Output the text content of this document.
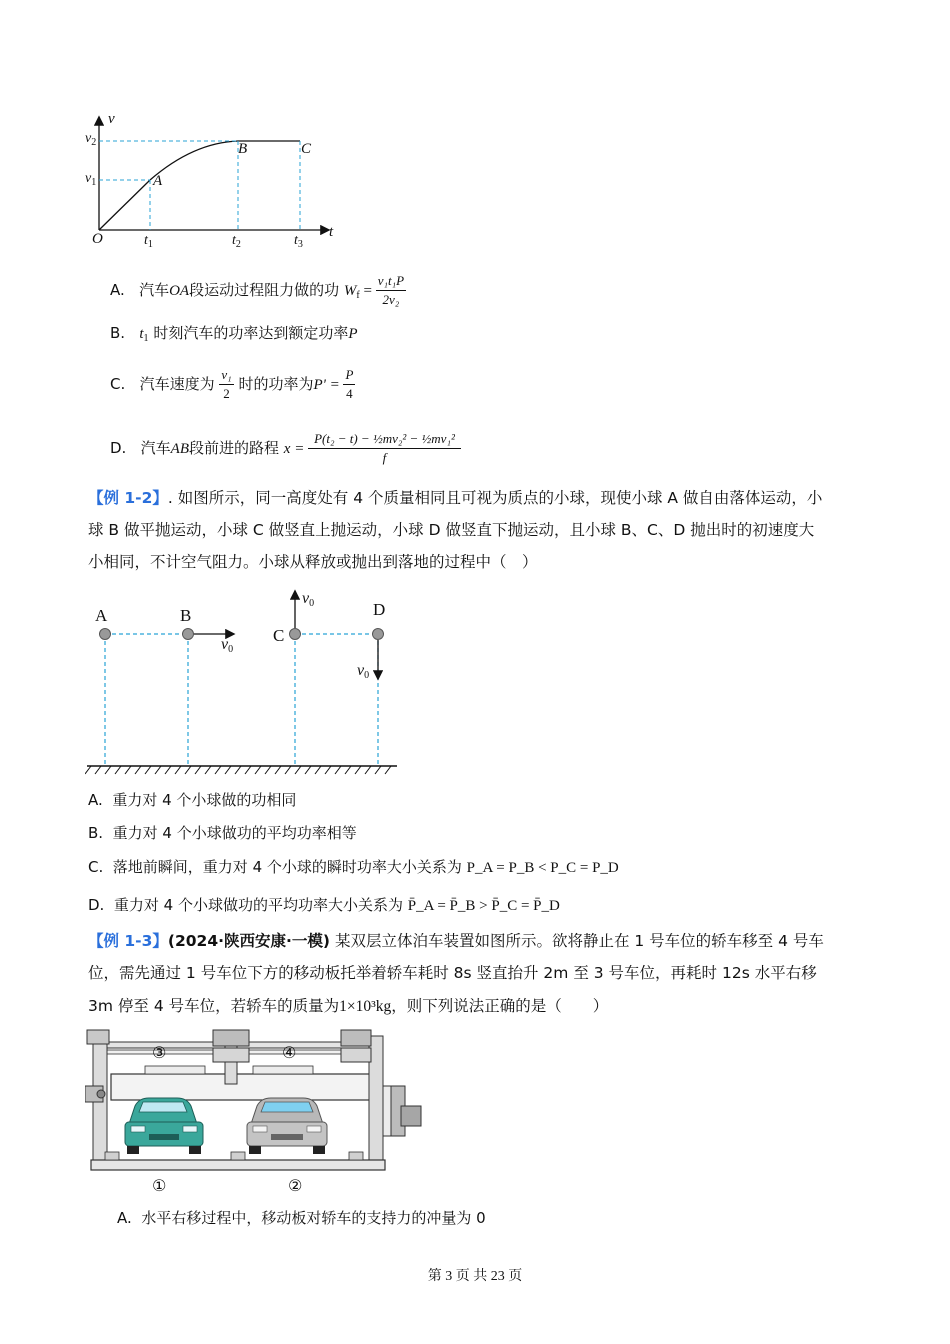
v
t
O
$v_2$
$v_1$
$t_1$	$t_2$	$t_3$
A
B	C
A. 汽车OA段运动过程阻力做的功 $W_f = \frac{\text{v₁t₁P}}{\text{2v₂}}$
B. $t_1$ 时刻汽车的功率达到额定功率P
C. 汽车速度为 $\frac{\text{v₁}}{2}$ 时的功率为$P' = \frac{P}{4}$
D. 汽车AB段前进的路程 $x = \frac{\text{P(t₂ − t) − ½mv₂² − ½mv₁²}}{f}$
【例 1-2】. 如图所示，同一高度处有 4 个质量相同且可视为质点的小球，现使小球 A 做自由落体运动，小
球 B 做平抛运动，小球 C 做竖直上抛运动，小球 D 做竖直下抛运动，且小球 B、C、D 抛出时的初速度大
小相同，不计空气阻力。小球从释放或抛出到落地的过程中（　）
A	B
C
D
$v_0$
$v_0$
$v_0$
A. 重力对 4 个小球做的功相同
B. 重力对 4 个小球做功的平均功率相等
C. 落地前瞬间，重力对 4 个小球的瞬时功率大小关系为 P_A = P_B < P_C = P_D
D. 重力对 4 个小球做功的平均功率大小关系为 P̄_A = P̄_B > P̄_C = P̄_D
【例 1-3】(2024·陕西安康·一模) 某双层立体泊车装置如图所示。欲将静止在 1 号车位的轿车移至 4 号车
位，需先通过 1 号车位下方的移动板托举着轿车耗时 8s 竖直抬升 2m 至 3 号车位，再耗时 12s 水平右移
3m 停至 4 号车位，若轿车的质量为1×10³kg，则下列说法正确的是（　　）
③	④
①	②
A. 水平右移过程中，移动板对轿车的支持力的冲量为 0
第 3 页 共 23 页
